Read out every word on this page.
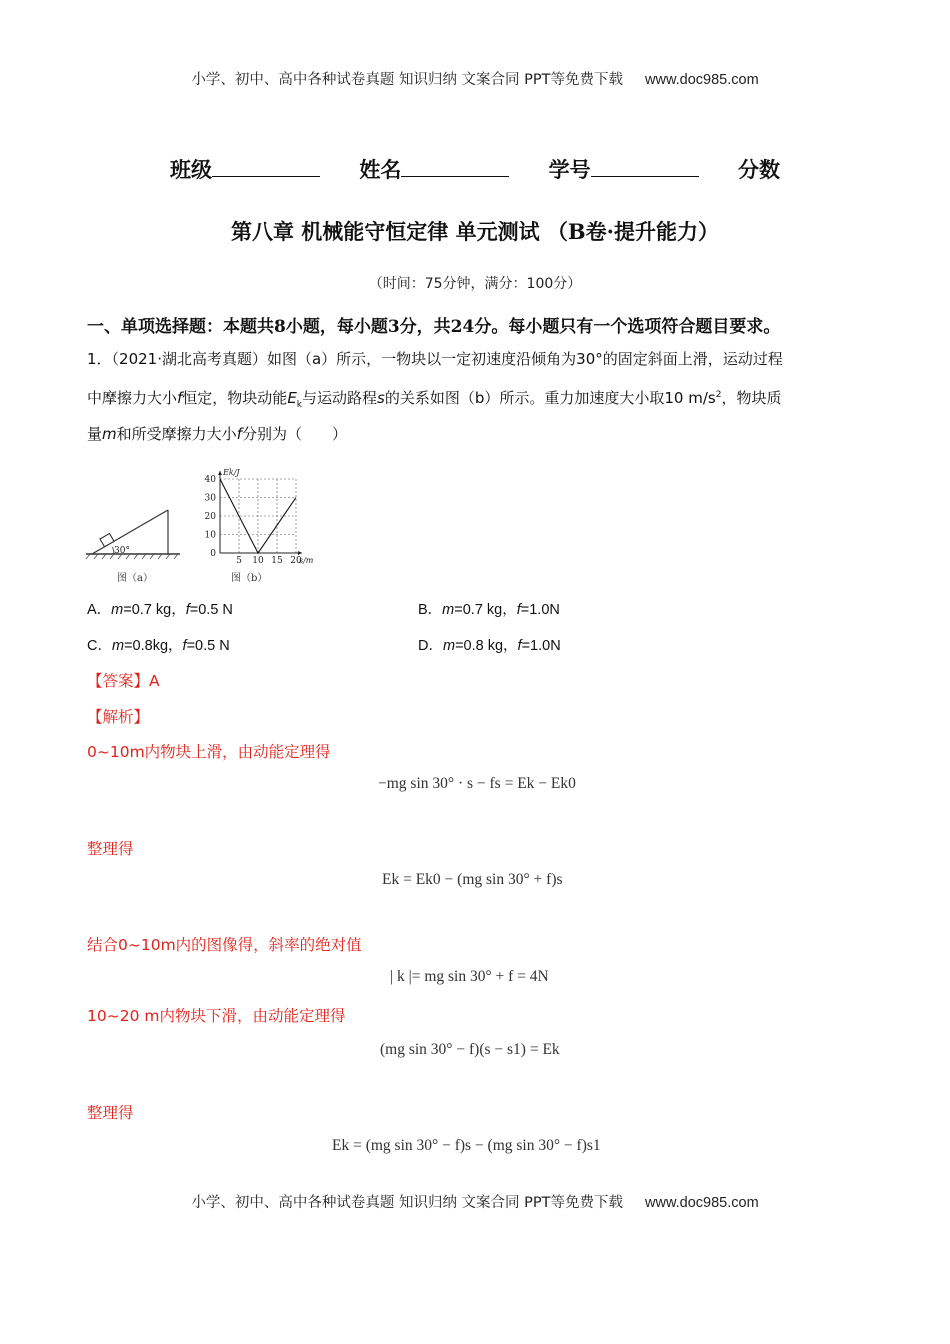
小学、初中、高中各种试卷真题 知识归纳 文案合同 PPT等免费下载 www.doc985.com
班级	姓名	学号	分数
第八章 机械能守恒定律 单元测试 （B卷·提升能力）
（时间：75分钟，满分：100分）
一、单项选择题：本题共8小题，每小题3分，共24分。每小题只有一个选项符合题目要求。
1．（2021·湖北高考真题）如图（a）所示，一物块以一定初速度沿倾角为30°的固定斜面上滑，运动过程
中摩擦力大小f恒定，物块动能$E_k$与运动路程s的关系如图（b）所示。重力加速度大小取10 $m/s^2$，物块质
量m和所受摩擦力大小f分别为（　　）
30°
图（a）
0
10
20
30
40
5 10 15 20
Ek/J
s/m
图（b）
A．m=0.7 kg，f=0.5 N	B．m=0.7 kg，f=1.0N
C．m=0.8kg，f=0.5 N	D．m=0.8 kg，f=1.0N
【答案】A
【解析】
0~10m内物块上滑，由动能定理得
−mg sin 30° · s − fs = Ek − Ek0
整理得
Ek = Ek0 − (mg sin 30° + f)s
结合0~10m内的图像得，斜率的绝对值
| k |= mg sin 30° + f = 4N
10~20 m内物块下滑，由动能定理得
(mg sin 30° − f)(s − s1) = Ek
整理得
Ek = (mg sin 30° − f)s − (mg sin 30° − f)s1
小学、初中、高中各种试卷真题 知识归纳 文案合同 PPT等免费下载 www.doc985.com
